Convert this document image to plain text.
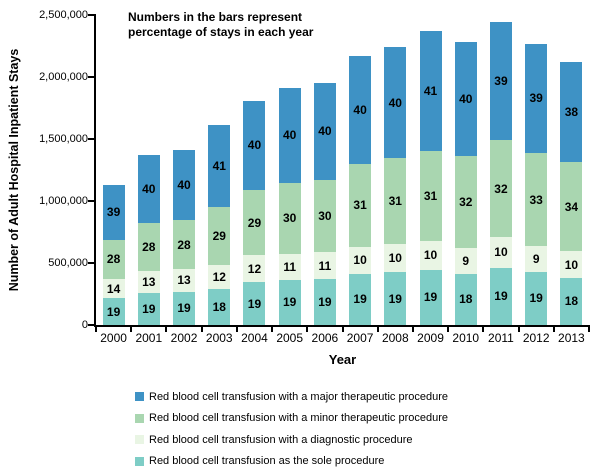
Number of Adult Hospital Inpatient Stays
Numbers in the bars represent
percentage of stays in each year
19
14
28
39
19
13
28
40
19
13
28
40
18
12
29
41
19
12
29
40
19
11
30
40
19
11
30
40
19
10
31
40
19
10
31
40
19
10
31
41
18
9
32
40
19
10
32
39
19
9
33
39
18
10
34
38
0
500,000
1,000,000
1,500,000
2,000,000
2,500,000
2000 2001 2002 2003 2004 2005 2006 2007 2008 2009 2010 2011 2012 2013
Year
Red blood cell transfusion with a major therapeutic procedure
Red blood cell transfusion with a minor therapeutic procedure
Red blood cell transfusion with a diagnostic procedure
Red blood cell transfusion as the sole procedure
